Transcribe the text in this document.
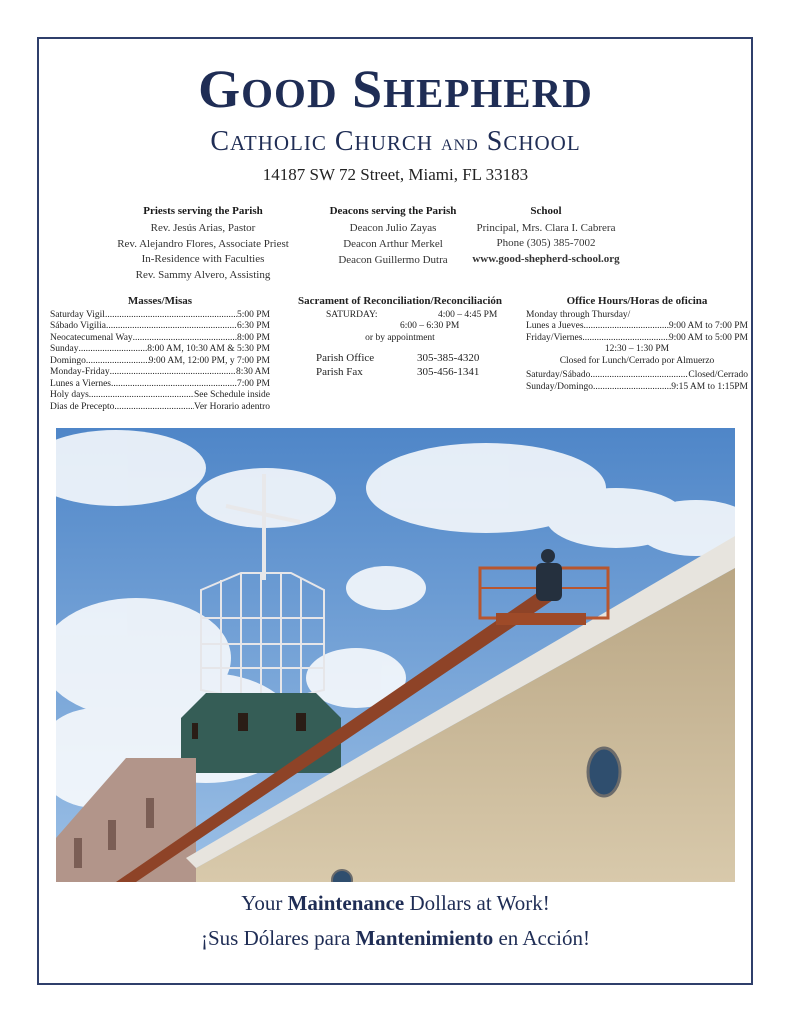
GOOD SHEPHERD
CATHOLIC CHURCH AND SCHOOL
14187 SW 72 Street, Miami, FL 33183
Priests serving the Parish
Rev. Jesús Arias, Pastor
Rev. Alejandro Flores, Associate Priest
In-Residence with Faculties
Rev. Sammy Alvero, Assisting
Deacons serving the Parish
Deacon Julio Zayas
Deacon Arthur Merkel
Deacon Guillermo Dutra
School
Principal, Mrs. Clara I. Cabrera
Phone (305) 385-7002
www.good-shepherd-school.org
Masses/Misas
Saturday Vigil .....	5:00 PM
Sábado Vigilia .....	6:30 PM
Neocatecumenal Way .....	8:00 PM
Sunday .....	8:00 AM, 10:30 AM & 5:30 PM
Domingo .....	9:00 AM, 12:00 PM, y 7:00 PM
Monday-Friday .....	8:30 AM
Lunes a Viernes .....	7:00 PM
Holy days .....	See Schedule inside
Dias de Precepto .....	Ver Horario adentro
Sacrament of Reconciliation/Reconciliación
SATURDAY:	4:00 – 4:45 PM
6:00 – 6:30 PM
or by appointment
Parish Office	305-385-4320
Parish Fax	305-456-1341
Office Hours/Horas de oficina
Monday through Thursday/
Lunes a Jueves .....	9:00 AM to 7:00 PM
Friday/Viernes .....	9:00 AM to 5:00 PM
12:30 – 1:30 PM
Closed for Lunch/Cerrado por Almuerzo
Saturday/Sábado .....	Closed/Cerrado
Sunday/Domingo .....	9:15 AM to 1:15PM
Your Maintenance Dollars at Work!
¡Sus Dólares para Mantenimiento en Acción!
